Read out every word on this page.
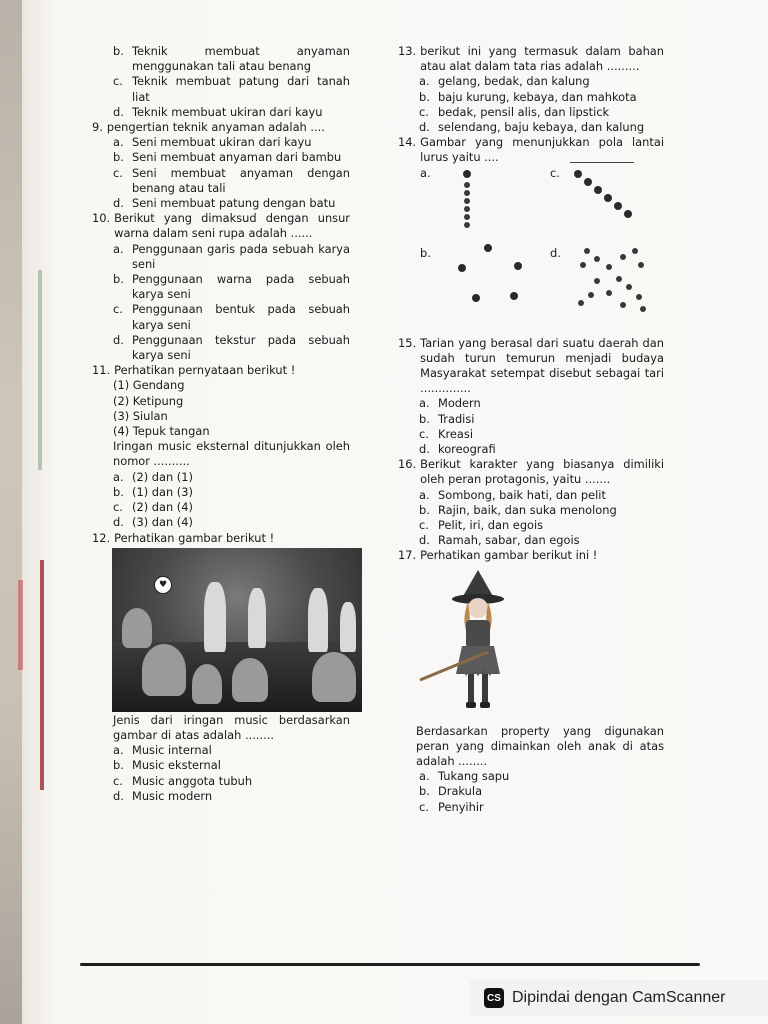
b. Teknik membuat anyaman menggunakan tali atau benang
c. Teknik membuat patung dari tanah liat
d. Teknik membuat ukiran dari kayu
9. pengertian teknik anyaman adalah ....
a. Seni membuat ukiran dari kayu
b. Seni membuat anyaman dari bambu
c. Seni membuat anyaman dengan benang atau tali
d. Seni membuat patung dengan batu
10. Berikut yang dimaksud dengan unsur warna dalam seni rupa adalah ......
a. Penggunaan garis pada sebuah karya seni
b. Penggunaan warna pada sebuah karya seni
c. Penggunaan bentuk pada sebuah karya seni
d. Penggunaan tekstur pada sebuah karya seni
11. Perhatikan pernyataan berikut !
(1) Gendang
(2) Ketipung
(3) Siulan
(4) Tepuk tangan
Iringan music eksternal ditunjukkan oleh nomor ..........
a. (2) dan (1)
b. (1) dan (3)
c. (2) dan (4)
d. (3) dan (4)
12. Perhatikan gambar berikut !
♥
Jenis dari iringan music berdasarkan
gambar di atas adalah ........
a. Music internal
b. Music eksternal
c. Music anggota tubuh
d. Music modern
13. berikut ini yang termasuk dalam bahan atau alat dalam tata rias adalah .........
a. gelang, bedak, dan kalung
b. baju kurung, kebaya, dan mahkota
c. bedak, pensil alis, dan lipstick
d. selendang, baju kebaya, dan kalung
14. Gambar yang menunjukkan pola lantai lurus yaitu ....
a.	c.
b.	d.
15. Tarian yang berasal dari suatu daerah dan sudah turun temurun menjadi budaya Masyarakat setempat disebut sebagai tari ..............
a. Modern
b. Tradisi
c. Kreasi
d. koreografi
16. Berikut karakter yang biasanya dimiliki oleh peran protagonis, yaitu .......
a. Sombong, baik hati, dan pelit
b. Rajin, baik, dan suka menolong
c. Pelit, iri, dan egois
d. Ramah, sabar, dan egois
17. Perhatikan gambar berikut ini !
Berdasarkan property yang digunakan peran yang dimainkan oleh anak di atas adalah ........
a. Tukang sapu
b. Drakula
c. Penyihir
CS Dipindai dengan CamScanner
